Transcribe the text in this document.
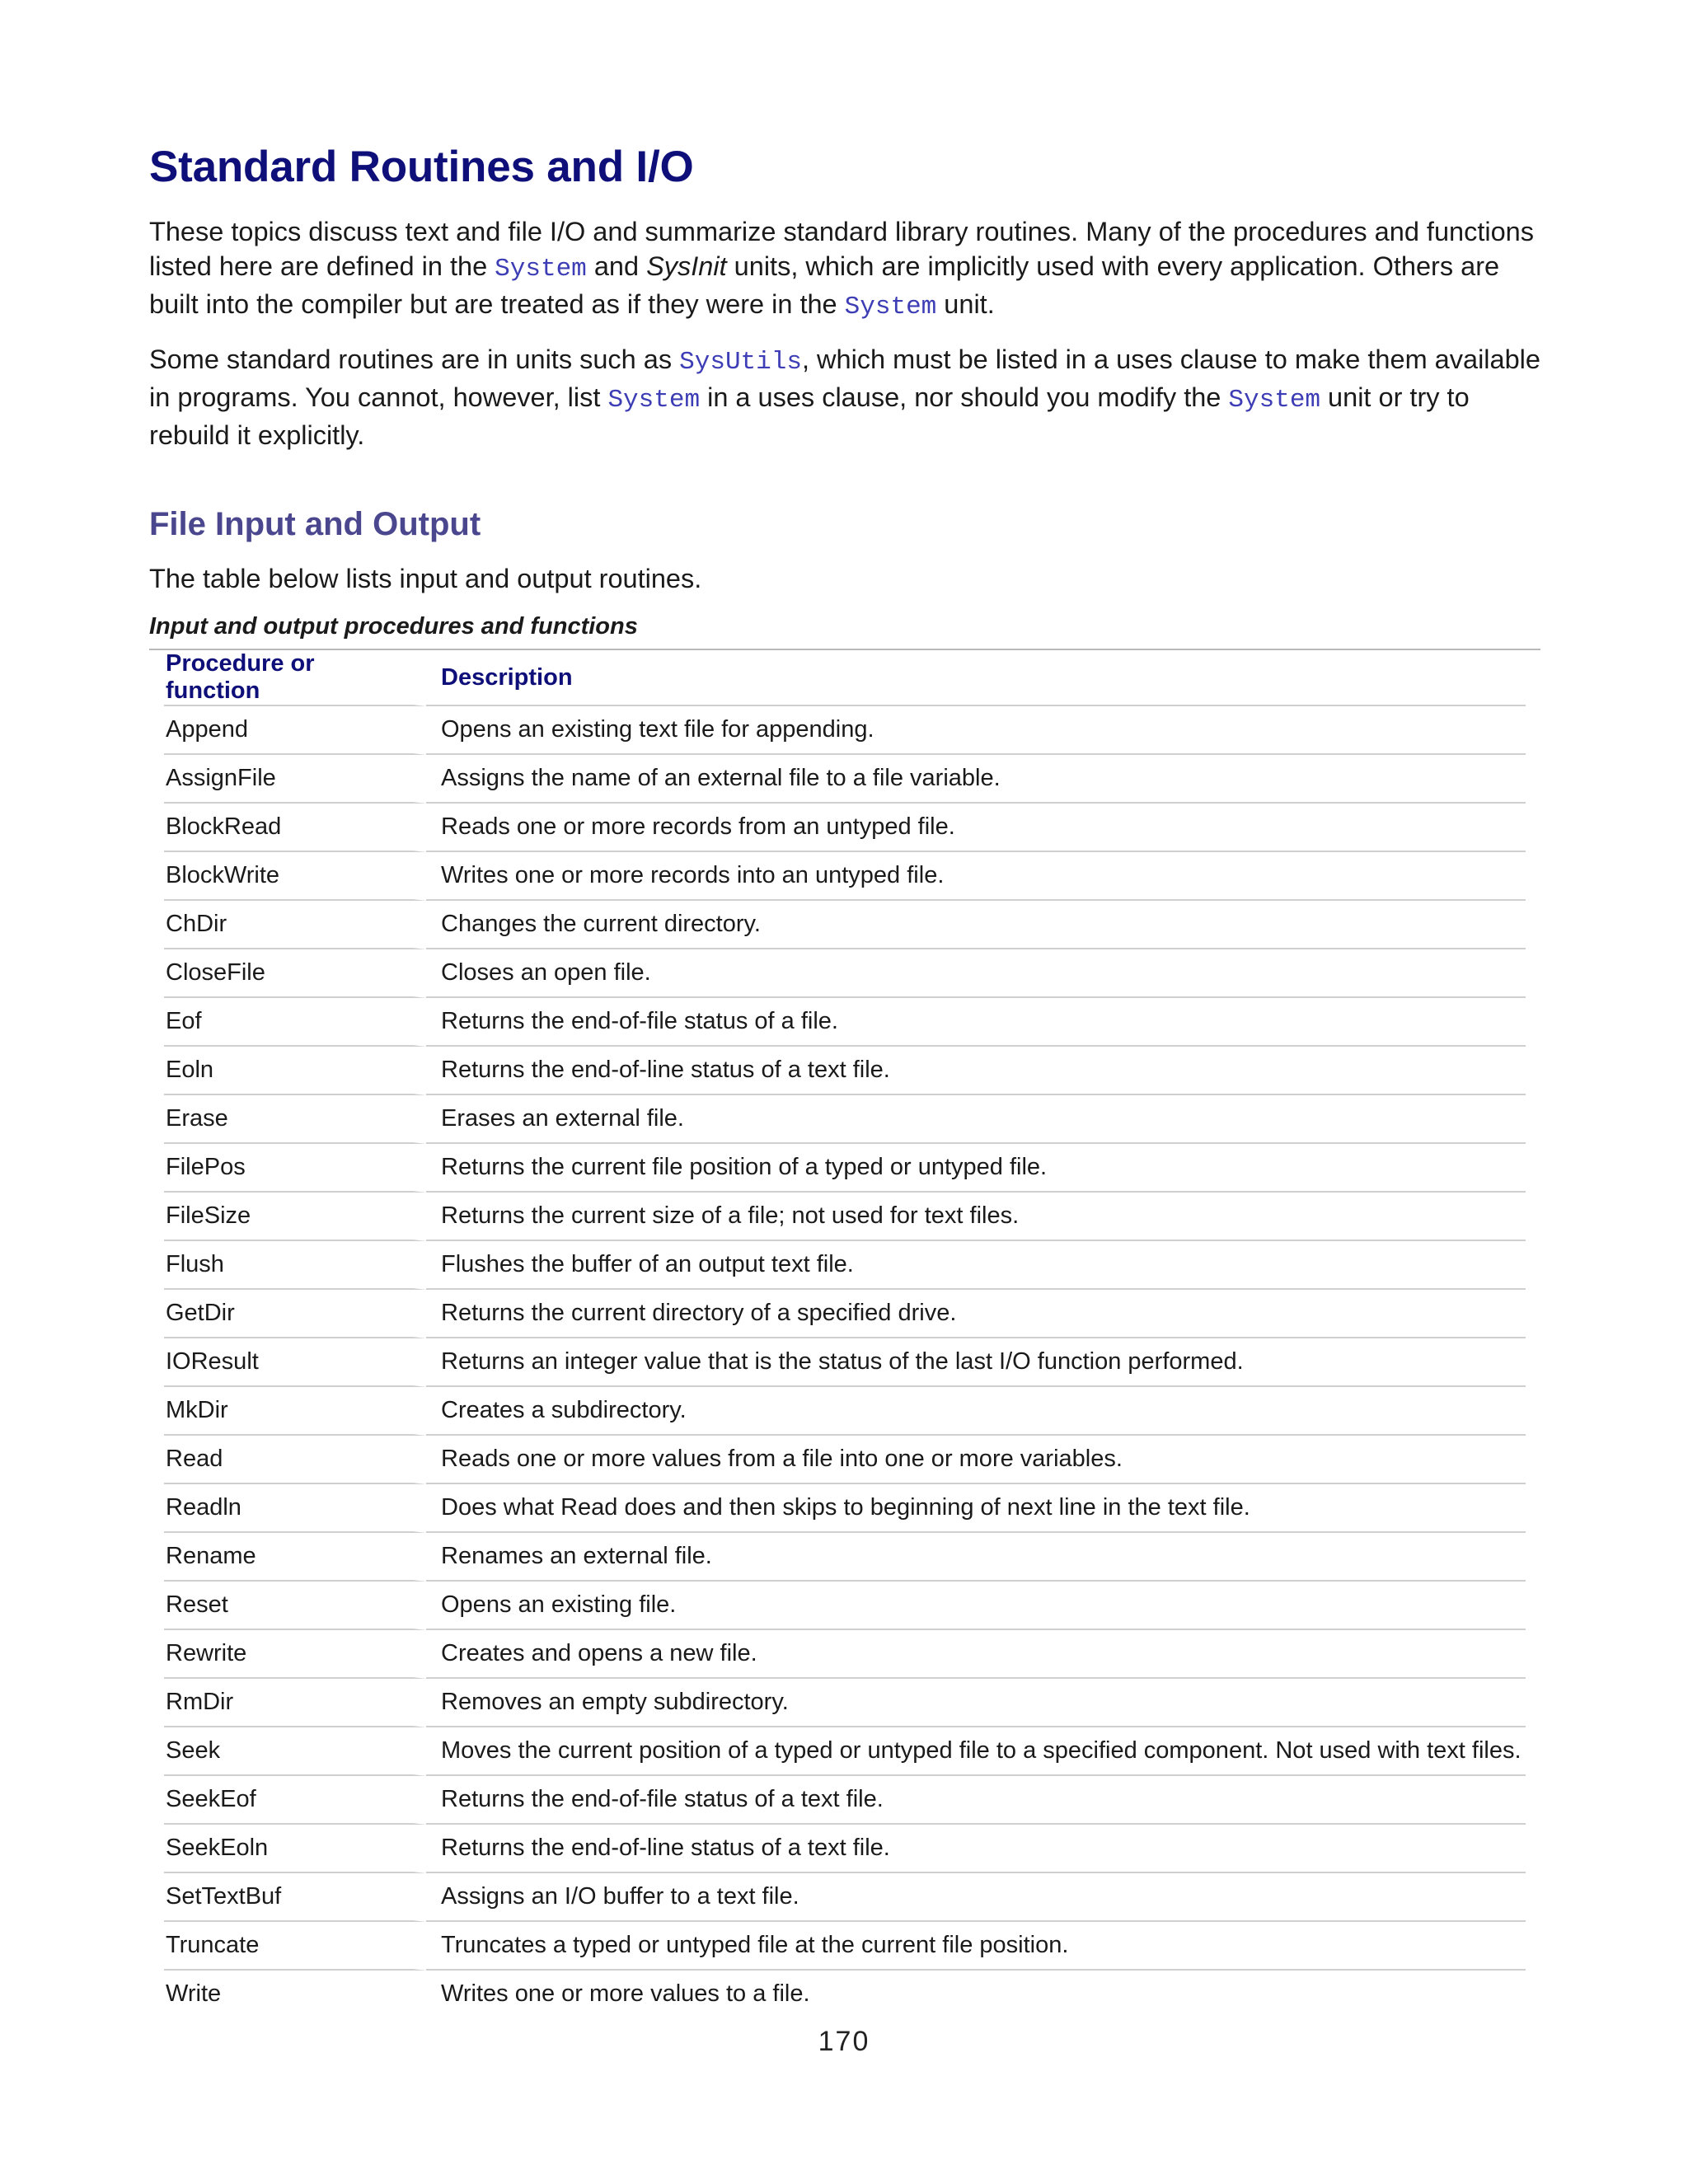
Standard Routines and I/O

These topics discuss text and file I/O and summarize standard library routines. Many of the procedures and functions listed here are defined in the System and SysInit units, which are implicitly used with every application. Others are built into the compiler but are treated as if they were in the System unit.

Some standard routines are in units such as SysUtils, which must be listed in a uses clause to make them available in programs. You cannot, however, list System in a uses clause, nor should you modify the System unit or try to rebuild it explicitly.

File Input and Output

The table below lists input and output routines.

Input and output procedures and functions

Procedure or function	Description
Append	Opens an existing text file for appending.
AssignFile	Assigns the name of an external file to a file variable.
BlockRead	Reads one or more records from an untyped file.
BlockWrite	Writes one or more records into an untyped file.
ChDir	Changes the current directory.
CloseFile	Closes an open file.
Eof	Returns the end-of-file status of a file.
Eoln	Returns the end-of-line status of a text file.
Erase	Erases an external file.
FilePos	Returns the current file position of a typed or untyped file.
FileSize	Returns the current size of a file; not used for text files.
Flush	Flushes the buffer of an output text file.
GetDir	Returns the current directory of a specified drive.
IOResult	Returns an integer value that is the status of the last I/O function performed.
MkDir	Creates a subdirectory.
Read	Reads one or more values from a file into one or more variables.
Readln	Does what Read does and then skips to beginning of next line in the text file.
Rename	Renames an external file.
Reset	Opens an existing file.
Rewrite	Creates and opens a new file.
RmDir	Removes an empty subdirectory.
Seek	Moves the current position of a typed or untyped file to a specified component. Not used with text files.
SeekEof	Returns the end-of-file status of a text file.
SeekEoln	Returns the end-of-line status of a text file.
SetTextBuf	Assigns an I/O buffer to a text file.
Truncate	Truncates a typed or untyped file at the current file position.
Write	Writes one or more values to a file.
170
